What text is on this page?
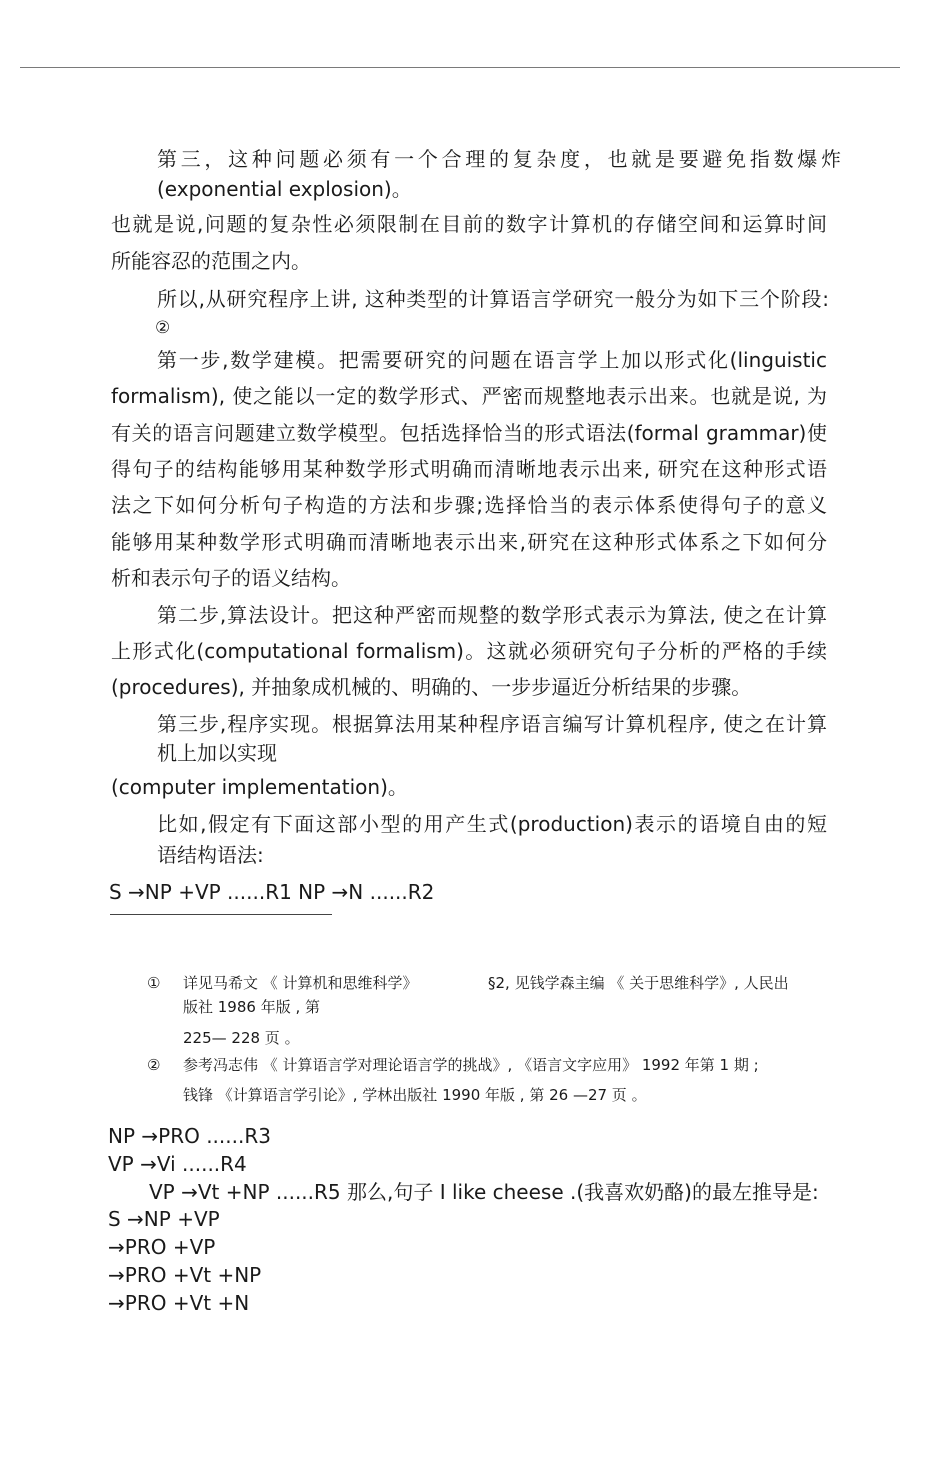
第三，这种问题必须有一个合理的复杂度，也就是要避免指数爆炸
(exponential explosion)。
也就是说,问题的复杂性必须限制在目前的数字计算机的存储空间和运算时间
所能容忍的范围之内。
所以,从研究程序上讲, 这种类型的计算语言学研究一般分为如下三个阶段:
②
第一步,数学建模。把需要研究的问题在语言学上加以形式化(linguistic
formalism), 使之能以一定的数学形式、严密而规整地表示出来。也就是说, 为
有关的语言问题建立数学模型。包括选择恰当的形式语法(formal grammar)使
得句子的结构能够用某种数学形式明确而清晰地表示出来, 研究在这种形式语
法之下如何分析句子构造的方法和步骤;选择恰当的表示体系使得句子的意义
能够用某种数学形式明确而清晰地表示出来,研究在这种形式体系之下如何分
析和表示句子的语义结构。
第二步,算法设计。把这种严密而规整的数学形式表示为算法, 使之在计算
上形式化(computational formalism)。这就必须研究句子分析的严格的手续
(procedures), 并抽象成机械的、明确的、一步步逼近分析结果的步骤。
第三步,程序实现。根据算法用某种程序语言编写计算机程序, 使之在计算
机上加以实现
(computer implementation)。
比如,假定有下面这部小型的用产生式(production)表示的语境自由的短
语结构语法:
S →NP +VP ......R1 NP →N ......R2
① 详见马希文 《 计算机和思维科学》	§2, 见钱学森主编 《 关于思维科学》, 人民出
版社 1986 年版 , 第
225— 228 页 。
② 参考冯志伟 《 计算语言学对理论语言学的挑战》, 《语言文字应用》 1992 年第 1 期 ;
钱锋 《计算语言学引论》, 学林出版社 1990 年版 , 第 26 —27 页 。
NP →PRO ......R3
VP →Vi ......R4
VP →Vt +NP ......R5 那么,句子 I like cheese .(我喜欢奶酪)的最左推导是:
S →NP +VP
→PRO +VP
→PRO +Vt +NP
→PRO +Vt +N
